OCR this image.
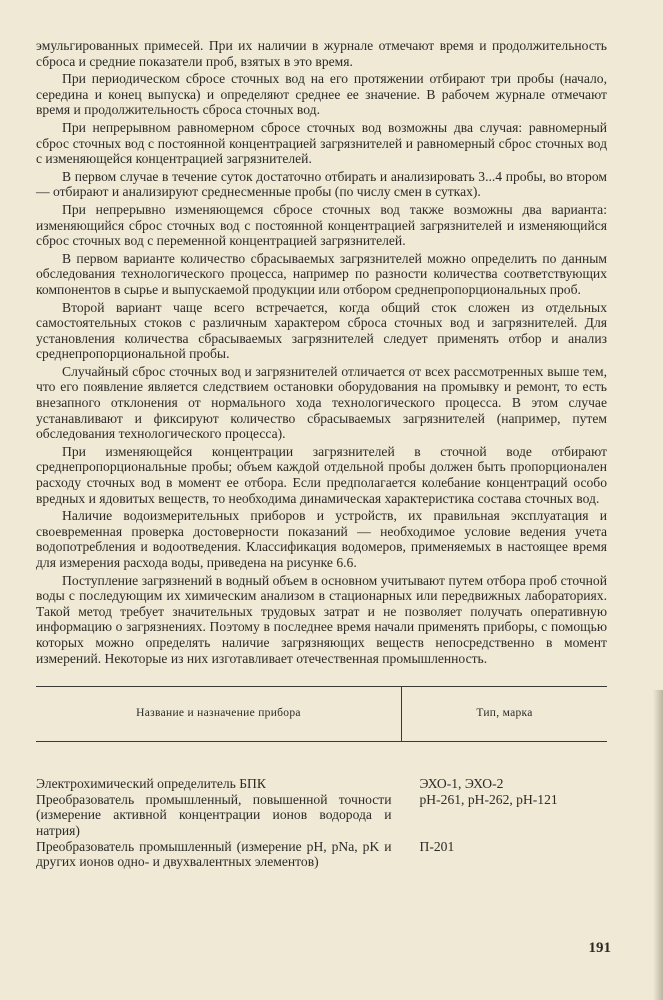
эмульгированных примесей. При их наличии в журнале отмечают время и продолжительность сброса и средние показатели проб, взятых в это время.

При периодическом сбросе сточных вод на его протяжении отбирают три пробы (начало, середина и конец выпуска) и определяют среднее ее значение. В рабочем журнале отмечают время и продолжительность сброса сточных вод.

При непрерывном равномерном сбросе сточных вод возможны два случая: равномерный сброс сточных вод с постоянной концентрацией загрязнителей и равномерный сброс сточных вод с изменяющейся концентрацией загрязнителей.

В первом случае в течение суток достаточно отбирать и анализировать 3...4 пробы, во втором — отбирают и анализируют среднесменные пробы (по числу смен в сутках).

При непрерывно изменяющемся сбросе сточных вод также возможны два варианта: изменяющийся сброс сточных вод с постоянной концентрацией загрязнителей и изменяющийся сброс сточных вод с переменной концентрацией загрязнителей.

В первом варианте количество сбрасываемых загрязнителей можно определить по данным обследования технологического процесса, например по разности количества соответствующих компонентов в сырье и выпускаемой продукции или отбором среднепропорциональных проб.

Второй вариант чаще всего встречается, когда общий сток сложен из отдельных самостоятельных стоков с различным характером сброса сточных вод и загрязнителей. Для установления количества сбрасываемых загрязнителей следует применять отбор и анализ среднепропорциональной пробы.

Случайный сброс сточных вод и загрязнителей отличается от всех рассмотренных выше тем, что его появление является следствием остановки оборудования на промывку и ремонт, то есть внезапного отклонения от нормального хода технологического процесса. В этом случае устанавливают и фиксируют количество сбрасываемых загрязнителей (например, путем обследования технологического процесса).

При изменяющейся концентрации загрязнителей в сточной воде отбирают среднепропорциональные пробы; объем каждой отдельной пробы должен быть пропорционален расходу сточных вод в момент ее отбора. Если предполагается колебание концентраций особо вредных и ядовитых веществ, то необходима динамическая характеристика состава сточных вод.

Наличие водоизмерительных приборов и устройств, их правильная эксплуатация и своевременная проверка достоверности показаний — необходимое условие ведения учета водопотребления и водоотведения. Классификация водомеров, применяемых в настоящее время для измерения расхода воды, приведена на рисунке 6.6.

Поступление загрязнений в водный объем в основном учитывают путем отбора проб сточной воды с последующим их химическим анализом в стационарных или передвижных лабораториях. Такой метод требует значительных трудовых затрат и не позволяет получать оперативную информацию о загрязнениях. Поэтому в последнее время начали применять приборы, с помощью которых можно определять наличие загрязняющих веществ непосредственно в момент измерений. Некоторые из них изготавливает отечественная промышленность.

Название и назначение прибора	Тип, марка
Электрохимический определитель БПК	ЭХО-1, ЭХО-2
Преобразователь промышленный, повышенной точности (измерение активной концентрации ионов водорода и натрия)	pH-261, pH-262, pH-121
Преобразователь промышленный (измерение pH, pNa, pK и других ионов одно- и двухвалентных элементов)	П-201
191
